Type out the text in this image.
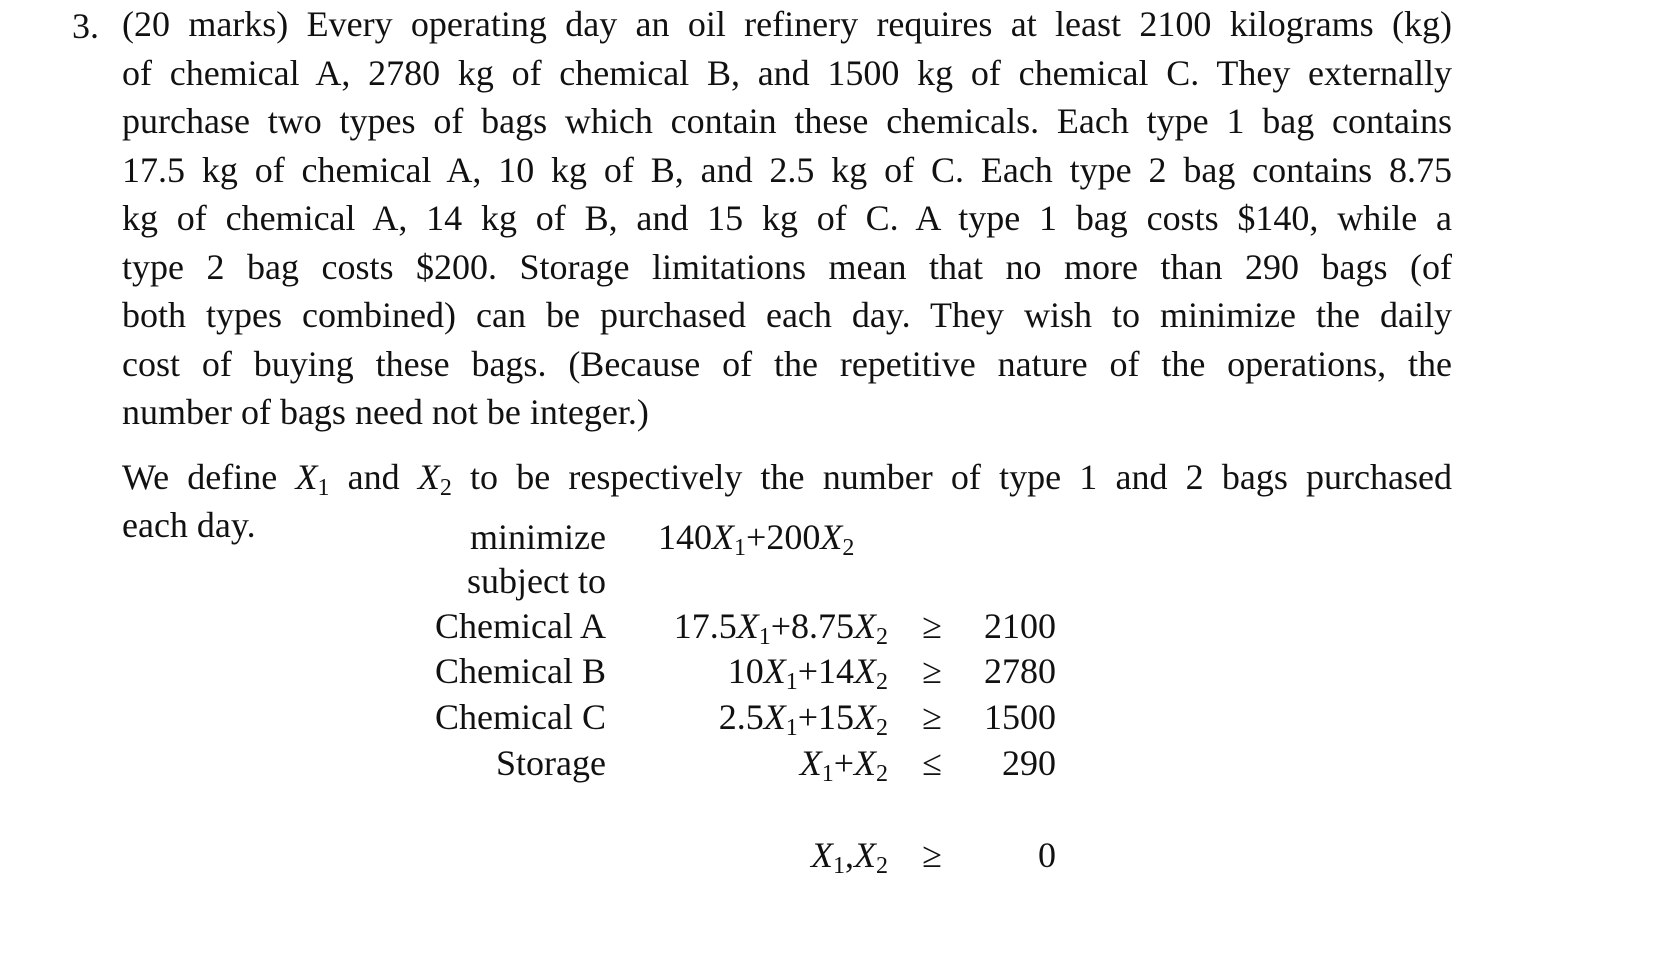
3. (20 marks) Every operating day an oil refinery requires at least 2100 kilograms (kg)
of chemical A, 2780 kg of chemical B, and 1500 kg of chemical C. They externally
purchase two types of bags which contain these chemicals. Each type 1 bag contains
17.5 kg of chemical A, 10 kg of B, and 2.5 kg of C. Each type 2 bag contains 8.75
kg of chemical A, 14 kg of B, and 15 kg of C. A type 1 bag costs $140, while a
type 2 bag costs $200. Storage limitations mean that no more than 290 bags (of
both types combined) can be purchased each day. They wish to minimize the daily
cost of buying these bags. (Because of the repetitive nature of the operations, the
number of bags need not be integer.)
We define $X_1$ and $X_2$ to be respectively the number of type 1 and 2 bags purchased
each day.	minimize $140X_1+200X_2$
subject to
Chemical A	$17.5X_1+8.75X_2$ ≥	2100
Chemical B	$10X_1+14X_2$ ≥	2780
Chemical C	$2.5X_1+15X_2$ ≥	1500
Storage	$X_1+X_2$ ≤	290
$X_1,X_2$ ≥	0
